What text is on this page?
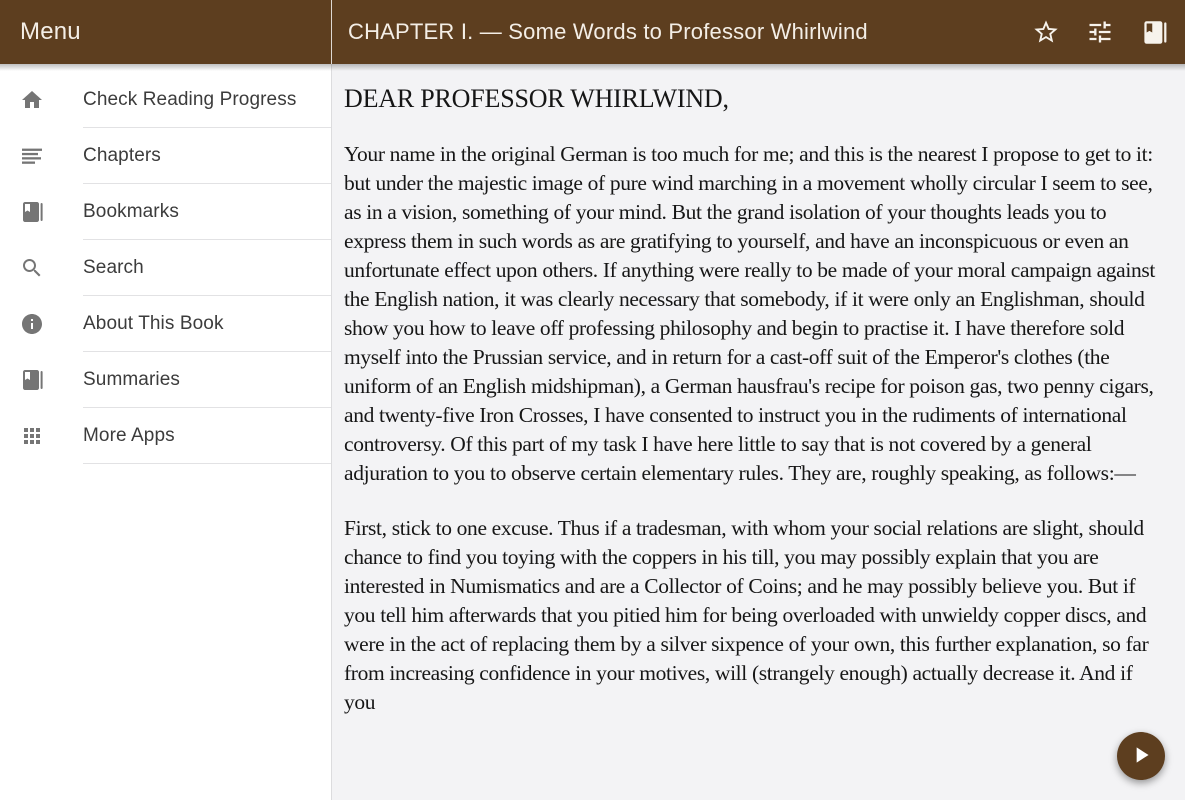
Menu	CHAPTER I. — Some Words to Professor Whirlwind
Check Reading Progress
Chapters
Bookmarks
Search
About This Book
Summaries
More Apps
DEAR PROFESSOR WHIRLWIND,

Your name in the original German is too much for me; and this is the nearest I propose to get to it: but under the majestic image of pure wind marching in a movement wholly circular I seem to see, as in a vision, something of your mind. But the grand isolation of your thoughts leads you to express them in such words as are gratifying to yourself, and have an inconspicuous or even an unfortunate effect upon others. If anything were really to be made of your moral campaign against the English nation, it was clearly necessary that somebody, if it were only an Englishman, should show you how to leave off professing philosophy and begin to practise it. I have therefore sold myself into the Prussian service, and in return for a cast-off suit of the Emperor's clothes (the uniform of an English midshipman), a German hausfrau's recipe for poison gas, two penny cigars, and twenty-five Iron Crosses, I have consented to instruct you in the rudiments of international controversy. Of this part of my task I have here little to say that is not covered by a general adjuration to you to observe certain elementary rules. They are, roughly speaking, as follows:—

First, stick to one excuse. Thus if a tradesman, with whom your social relations are slight, should chance to find you toying with the coppers in his till, you may possibly explain that you are interested in Numismatics and are a Collector of Coins; and he may possibly believe you. But if you tell him afterwards that you pitied him for being overloaded with unwieldy copper discs, and were in the act of replacing them by a silver sixpence of your own, this further explanation, so far from increasing confidence in your motives, will (strangely enough) actually decrease it. And if you
